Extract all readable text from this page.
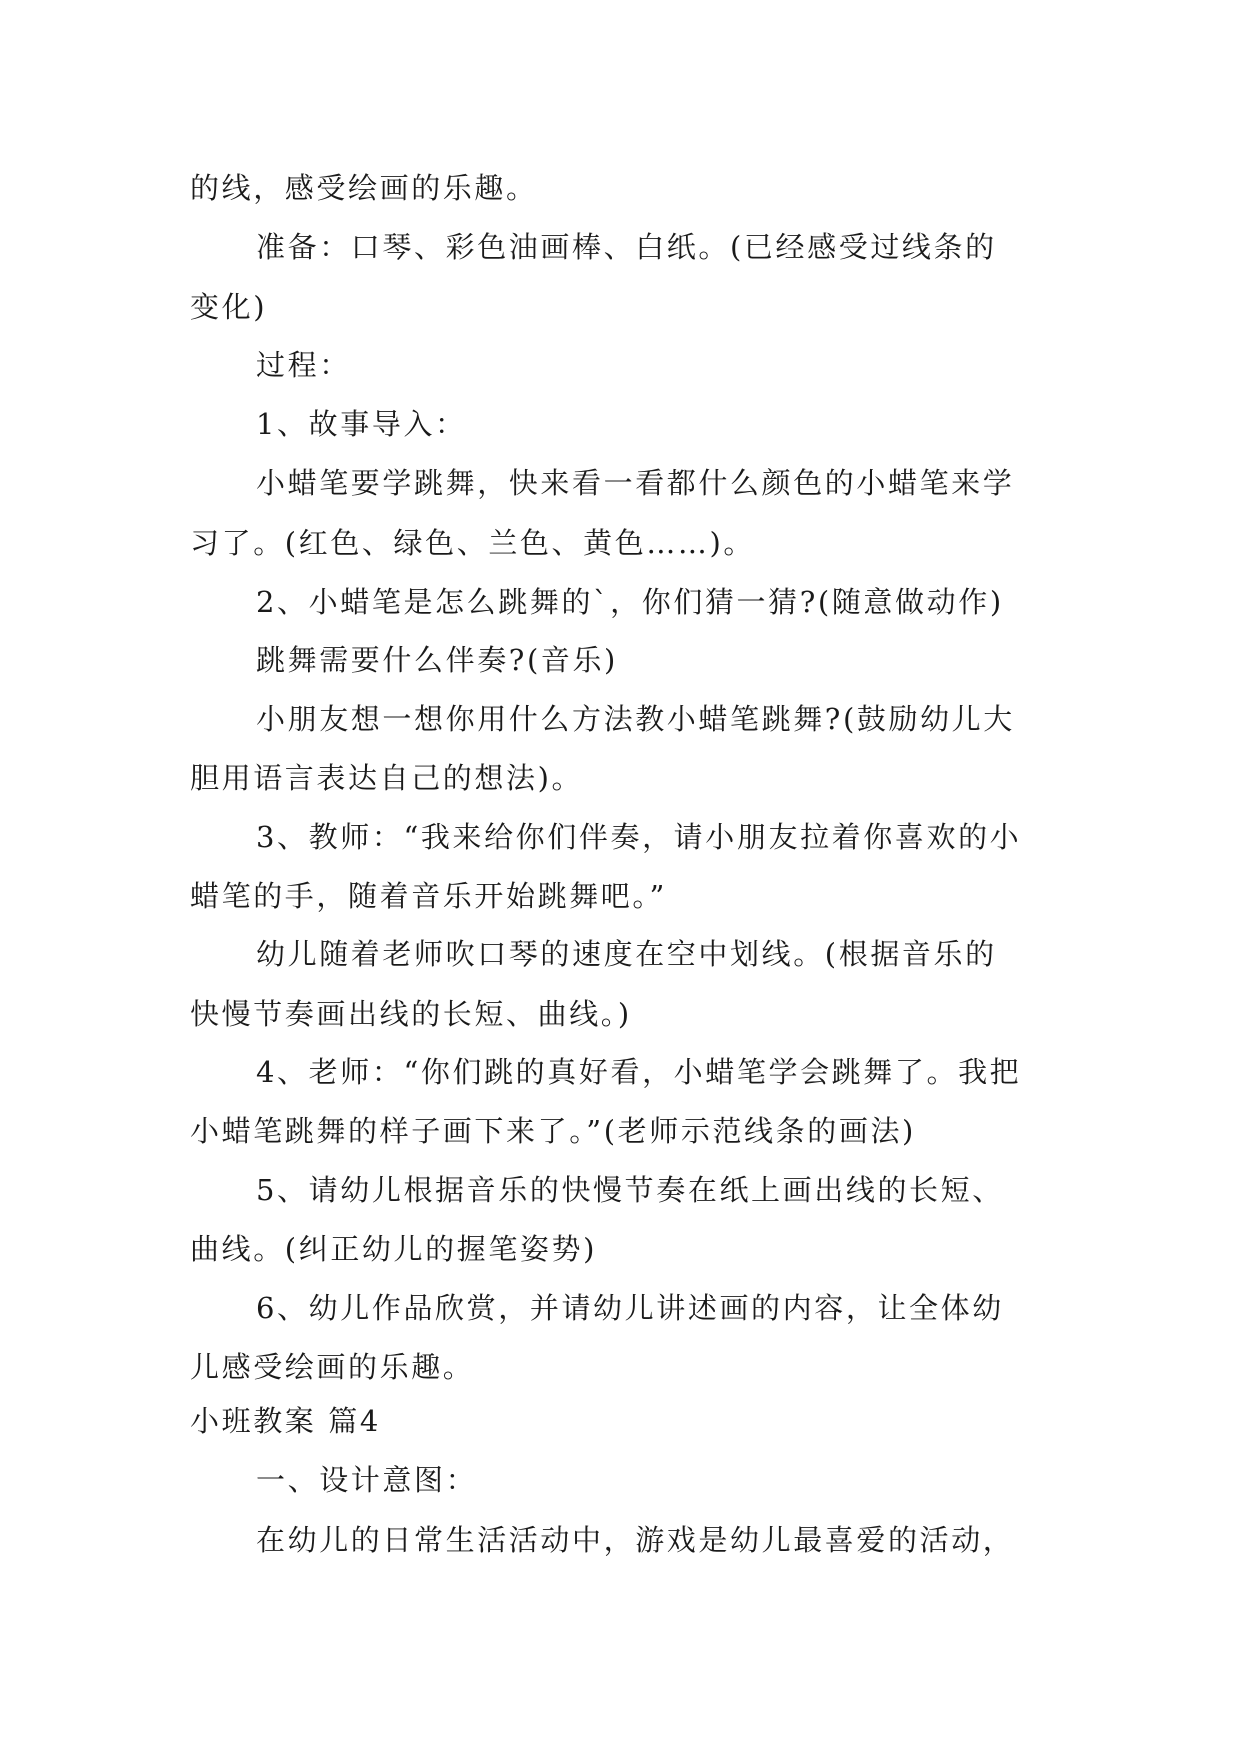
的线，感受绘画的乐趣。
准备：口琴、彩色油画棒、白纸。(已经感受过线条的
变化)
过程：
1、故事导入：
小蜡笔要学跳舞，快来看一看都什么颜色的小蜡笔来学
习了。(红色、绿色、兰色、黄色……)。
2、小蜡笔是怎么跳舞的`，你们猜一猜?(随意做动作)
跳舞需要什么伴奏?(音乐)
小朋友想一想你用什么方法教小蜡笔跳舞?(鼓励幼儿大
胆用语言表达自己的想法)。
3、教师：“我来给你们伴奏，请小朋友拉着你喜欢的小
蜡笔的手，随着音乐开始跳舞吧。”
幼儿随着老师吹口琴的速度在空中划线。(根据音乐的
快慢节奏画出线的长短、曲线。)
4、老师：“你们跳的真好看，小蜡笔学会跳舞了。我把
小蜡笔跳舞的样子画下来了。”(老师示范线条的画法)
5、请幼儿根据音乐的快慢节奏在纸上画出线的长短、
曲线。(纠正幼儿的握笔姿势)
6、幼儿作品欣赏，并请幼儿讲述画的内容，让全体幼
儿感受绘画的乐趣。
小班教案 篇4
一、设计意图：
在幼儿的日常生活活动中，游戏是幼儿最喜爱的活动，
